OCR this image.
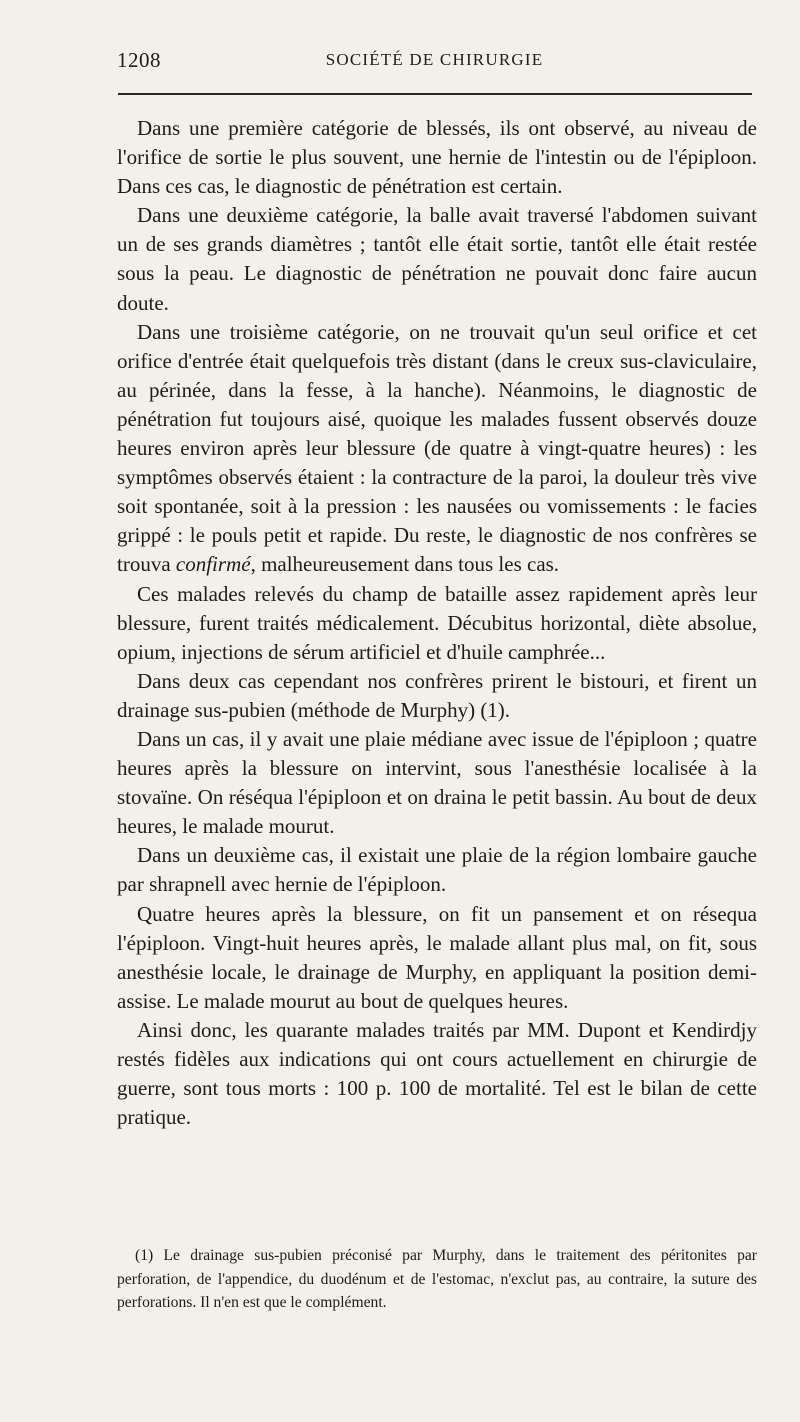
1208	SOCIÉTÉ DE CHIRURGIE

Dans une première catégorie de blessés, ils ont observé, au niveau de l'orifice de sortie le plus souvent, une hernie de l'intestin ou de l'épiploon. Dans ces cas, le diagnostic de pénétration est certain.

Dans une deuxième catégorie, la balle avait traversé l'abdomen suivant un de ses grands diamètres ; tantôt elle était sortie, tantôt elle était restée sous la peau. Le diagnostic de pénétration ne pouvait donc faire aucun doute.

Dans une troisième catégorie, on ne trouvait qu'un seul orifice et cet orifice d'entrée était quelquefois très distant (dans le creux sus-claviculaire, au périnée, dans la fesse, à la hanche). Néanmoins, le diagnostic de pénétration fut toujours aisé, quoique les malades fussent observés douze heures environ après leur blessure (de quatre à vingt-quatre heures) : les symptômes observés étaient : la contracture de la paroi, la douleur très vive soit spontanée, soit à la pression : les nausées ou vomissements : le facies grippé : le pouls petit et rapide. Du reste, le diagnostic de nos confrères se trouva confirmé, malheureusement dans tous les cas.

Ces malades relevés du champ de bataille assez rapidement après leur blessure, furent traités médicalement. Décubitus horizontal, diète absolue, opium, injections de sérum artificiel et d'huile camphrée...

Dans deux cas cependant nos confrères prirent le bistouri, et firent un drainage sus-pubien (méthode de Murphy) (1).

Dans un cas, il y avait une plaie médiane avec issue de l'épiploon ; quatre heures après la blessure on intervint, sous l'anesthésie localisée à la stovaïne. On réséqua l'épiploon et on draina le petit bassin. Au bout de deux heures, le malade mourut.

Dans un deuxième cas, il existait une plaie de la région lombaire gauche par shrapnell avec hernie de l'épiploon.

Quatre heures après la blessure, on fit un pansement et on résequa l'épiploon. Vingt-huit heures après, le malade allant plus mal, on fit, sous anesthésie locale, le drainage de Murphy, en appliquant la position demi-assise. Le malade mourut au bout de quelques heures.

Ainsi donc, les quarante malades traités par MM. Dupont et Kendirdjy restés fidèles aux indications qui ont cours actuellement en chirurgie de guerre, sont tous morts : 100 p. 100 de mortalité. Tel est le bilan de cette pratique.

(1) Le drainage sus-pubien préconisé par Murphy, dans le traitement des péritonites par perforation, de l'appendice, du duodénum et de l'estomac, n'exclut pas, au contraire, la suture des perforations. Il n'en est que le complément.
